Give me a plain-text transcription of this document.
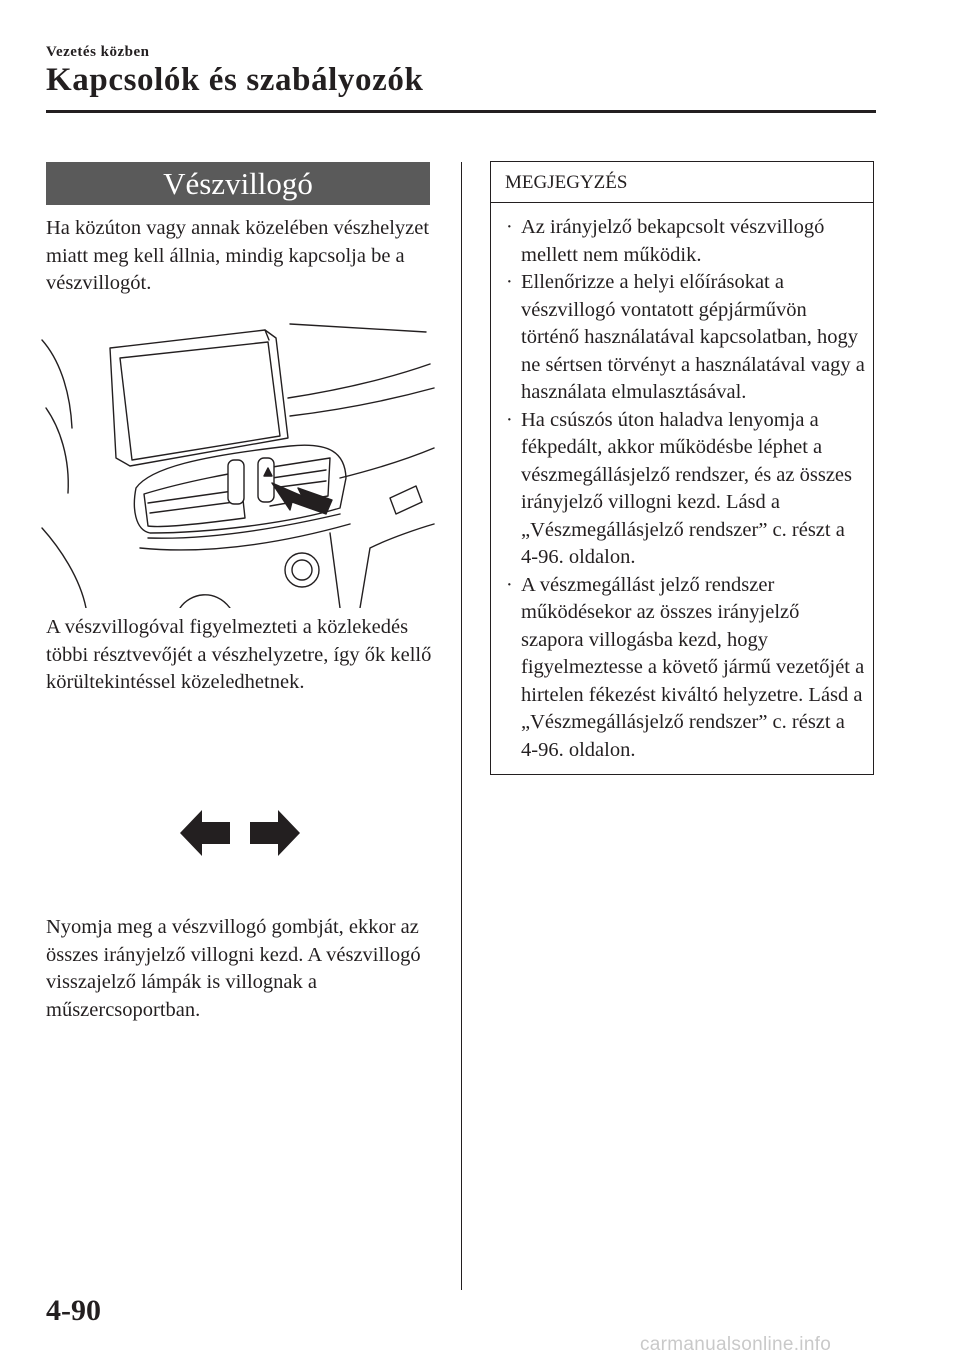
Vezetés közben
Kapcsolók és szabályozók
Vészvillogó

Ha közúton vagy annak közelében vészhelyzet miatt meg kell állnia, mindig kapcsolja be a vészvillogót.

A vészvillogóval figyelmezteti a közlekedés többi résztvevőjét a vészhelyzetre, így ők kellő körültekintéssel közeledhetnek.

Nyomja meg a vészvillogó gombját, ekkor az összes irányjelző villogni kezd. A vészvillogó visszajelző lámpák is villognak a műszercsoportban.

MEGJEGYZÉS
· Az irányjelző bekapcsolt vészvillogó mellett nem működik.
· Ellenőrizze a helyi előírásokat a vészvillogó vontatott gépjárművön történő használatával kapcsolatban, hogy ne sértsen törvényt a használatával vagy a használata elmulasztásával.
· Ha csúszós úton haladva lenyomja a fékpedált, akkor működésbe léphet a vészmegállásjelző rendszer, és az összes irányjelző villogni kezd. Lásd a „Vészmegállásjelző rendszer” c. részt a 4-96. oldalon.
· A vészmegállást jelző rendszer működésekor az összes irányjelző szapora villogásba kezd, hogy figyelmeztesse a követő jármű vezetőjét a hirtelen fékezést kiváltó helyzetre. Lásd a „Vészmegállásjelző rendszer” c. részt a 4-96. oldalon.
4-90
carmanualsonline.info
